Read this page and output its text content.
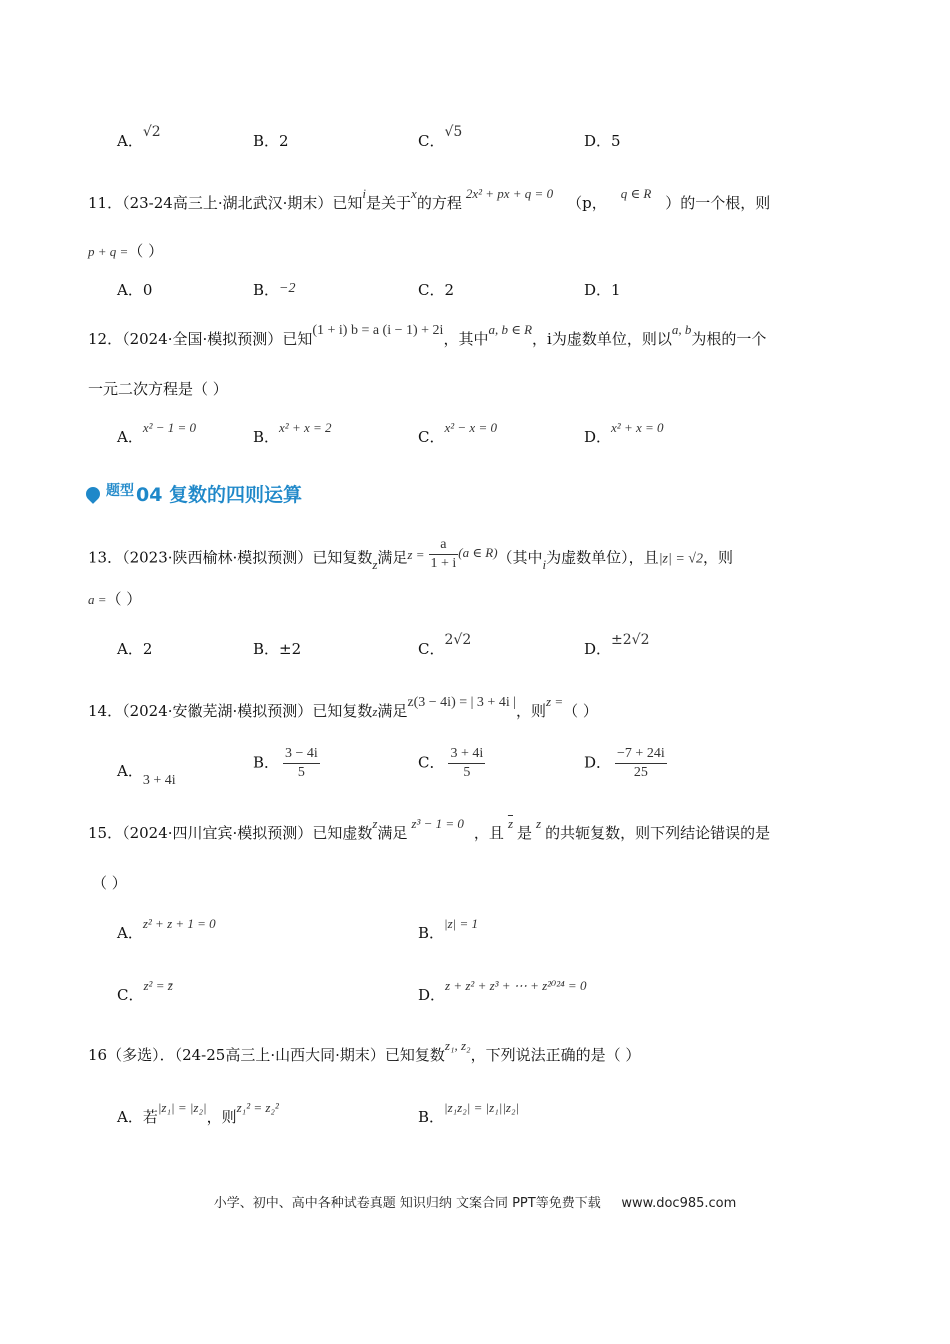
A．√2	B．2	C．√5	D．5
11．（23-24高三上·湖北武汉·期末）已知i是关于x的方程2x² + px + q = 0（p，q ∈ R）的一个根，则
p + q =（ ）
A．0	B．−2	C．2	D．1
12．（2024·全国·模拟预测）已知(1 + i) b = a (i − 1) + 2i，其中a, b ∈ R，i为虚数单位，则以a, b为根的一个
一元二次方程是（ ）
A．x² − 1 = 0
B．x² + x = 2
C．x² − x = 0
D．x² + x = 0
题型 04 复数的四则运算
13．（2023·陕西榆林·模拟预测）已知复数z满足$z = \frac{a}{1 + i} (a$ ∈ R)（其中i为虚数单位），且|z| = √2，则
a =（ ）
A．2	B．±2	C．2√2	D．±2√2
14．（2024·安徽芜湖·模拟预测）已知复数z满足z(3 − 4i) = | 3 + 4i |，则z =（ ）
A．3 + 4i
B． $\frac{3 - 4i}{5}$	C． $\frac{3 + 4i}{5}$	D． $\frac{-7 + 24i}{25}$
15．（2024·四川宜宾·模拟预测）已知虚数z满足z³ − 1 = 0，且$\overline{z}$是z的共轭复数，则下列结论错误的是
（ ）
A．z² + z + 1 = 0
B．|z| = 1
C．z² = z̄
D．z + z² + z³ + ⋯ + z²⁰²⁴ = 0
16（多选）．（24-25高三上·山西大同·期末）已知复数z₁, z₂，下列说法正确的是（ ）
A．若|z₁| = |z₂|，则z₁² = z₂²
B．|z₁z₂| = |z₁||z₂|
小学、初中、高中各种试卷真题 知识归纳 文案合同 PPT等免费下载 www.doc985.com
